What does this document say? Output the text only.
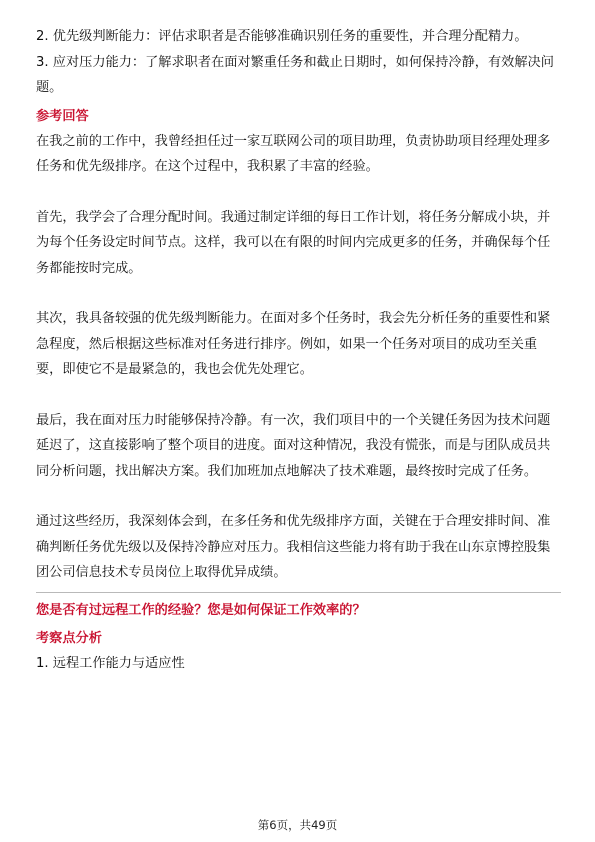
2. 优先级判断能力：评估求职者是否能够准确识别任务的重要性，并合理分配精力。

3. 应对压力能力：了解求职者在面对繁重任务和截止日期时，如何保持冷静，有效解决问题。

参考回答

在我之前的工作中，我曾经担任过一家互联网公司的项目助理，负责协助项目经理处理多任务和优先级排序。在这个过程中，我积累了丰富的经验。

首先，我学会了合理分配时间。我通过制定详细的每日工作计划，将任务分解成小块，并为每个任务设定时间节点。这样，我可以在有限的时间内完成更多的任务，并确保每个任务都能按时完成。

其次，我具备较强的优先级判断能力。在面对多个任务时，我会先分析任务的重要性和紧急程度，然后根据这些标准对任务进行排序。例如，如果一个任务对项目的成功至关重要，即使它不是最紧急的，我也会优先处理它。

最后，我在面对压力时能够保持冷静。有一次，我们项目中的一个关键任务因为技术问题延迟了，这直接影响了整个项目的进度。面对这种情况，我没有慌张，而是与团队成员共同分析问题，找出解决方案。我们加班加点地解决了技术难题，最终按时完成了任务。

通过这些经历，我深刻体会到，在多任务和优先级排序方面，关键在于合理安排时间、准确判断任务优先级以及保持冷静应对压力。我相信这些能力将有助于我在山东京博控股集团公司信息技术专员岗位上取得优异成绩。

您是否有过远程工作的经验？您是如何保证工作效率的？

考察点分析

1. 远程工作能力与适应性

第6页，共49页
